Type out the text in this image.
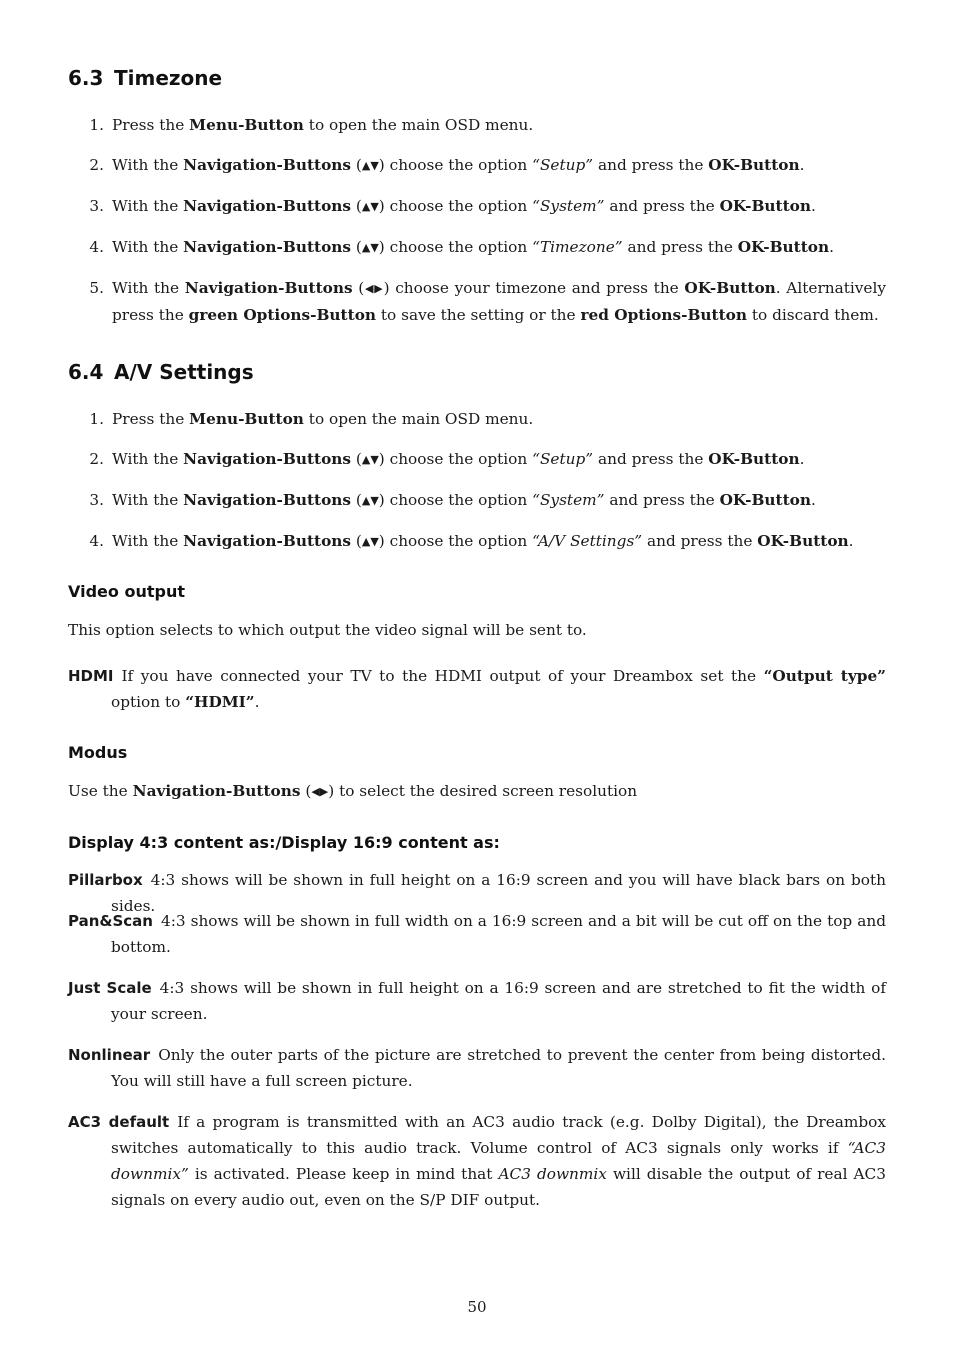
6.3 Timezone
1. Press the Menu-Button to open the main OSD menu.
2. With the Navigation-Buttons (▲▼) choose the option “Setup” and press the OK-Button.
3. With the Navigation-Buttons (▲▼) choose the option “System” and press the OK-Button.
4. With the Navigation-Buttons (▲▼) choose the option “Timezone” and press the OK-Button.
5. With the Navigation-Buttons (◀▶) choose your timezone and press the OK-Button. Alternatively press the green Options-Button to save the setting or the red Options-Button to discard them.
6.4 A/V Settings
1. Press the Menu-Button to open the main OSD menu.
2. With the Navigation-Buttons (▲▼) choose the option “Setup” and press the OK-Button.
3. With the Navigation-Buttons (▲▼) choose the option “System” and press the OK-Button.
4. With the Navigation-Buttons (▲▼) choose the option “A/V Settings” and press the OK-Button.
Video output
This option selects to which output the video signal will be sent to.
HDMI If you have connected your TV to the HDMI output of your Dreambox set the “Output type” option to “HDMI”.
Modus
Use the Navigation-Buttons (◀▶) to select the desired screen resolution
Display 4:3 content as:/Display 16:9 content as:
Pillarbox 4:3 shows will be shown in full height on a 16:9 screen and you will have black bars on both sides.
Pan&Scan 4:3 shows will be shown in full width on a 16:9 screen and a bit will be cut off on the top and bottom.
Just Scale 4:3 shows will be shown in full height on a 16:9 screen and are stretched to fit the width of your screen.
Nonlinear Only the outer parts of the picture are stretched to prevent the center from being distorted. You will still have a full screen picture.
AC3 default If a program is transmitted with an AC3 audio track (e.g. Dolby Digital), the Dreambox switches automatically to this audio track. Volume control of AC3 signals only works if “AC3 downmix” is activated. Please keep in mind that AC3 downmix will disable the output of real AC3 signals on every audio out, even on the S/P DIF output.
50
